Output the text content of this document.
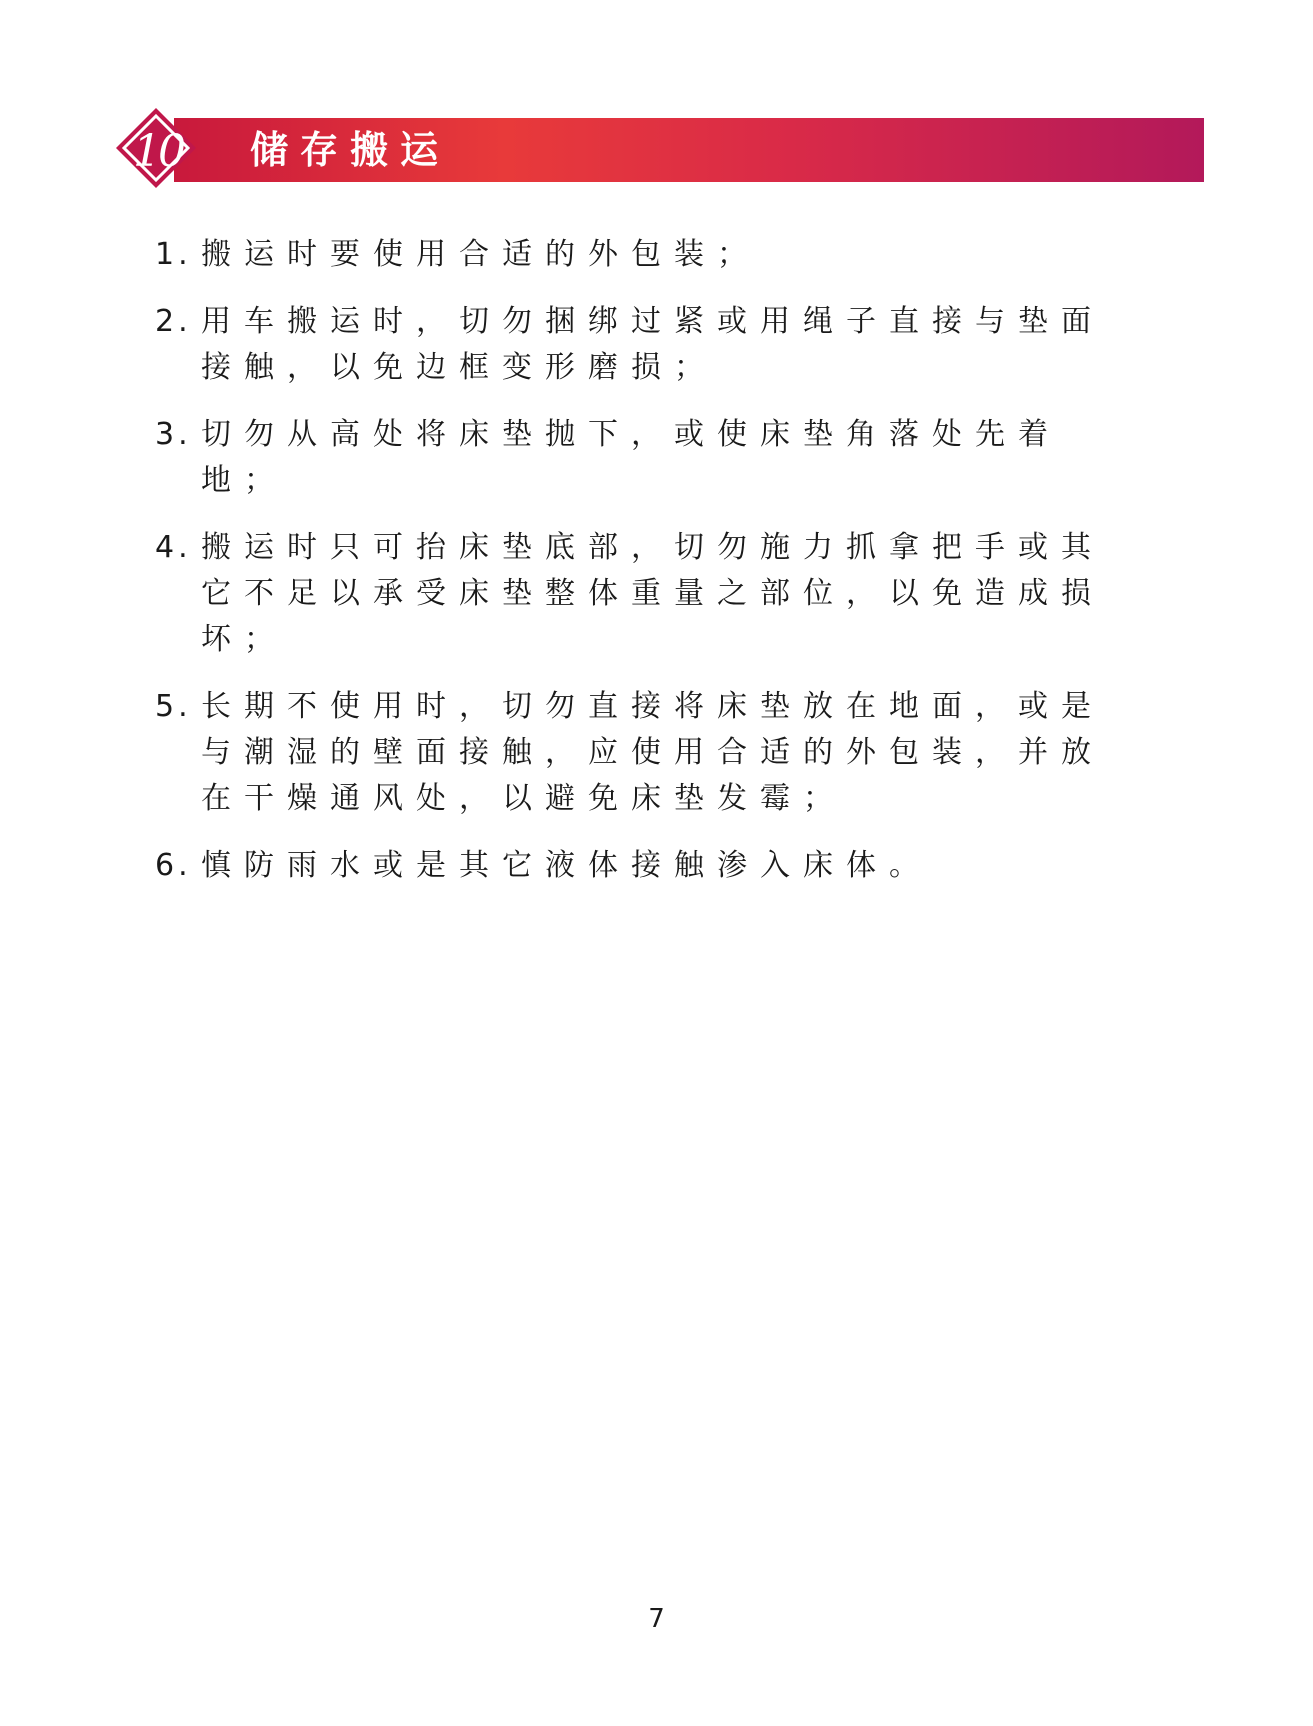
10	储存搬运
1. 搬运时要使用合适的外包装；
2. 用车搬运时，切勿捆绑过紧或用绳子直接与垫面接触，以免边框变形磨损；
3. 切勿从高处将床垫抛下，或使床垫角落处先着地；
4. 搬运时只可抬床垫底部，切勿施力抓拿把手或其它不足以承受床垫整体重量之部位，以免造成损坏；
5. 长期不使用时，切勿直接将床垫放在地面，或是与潮湿的壁面接触，应使用合适的外包装，并放在干燥通风处，以避免床垫发霉；
6. 慎防雨水或是其它液体接触渗入床体。
7
